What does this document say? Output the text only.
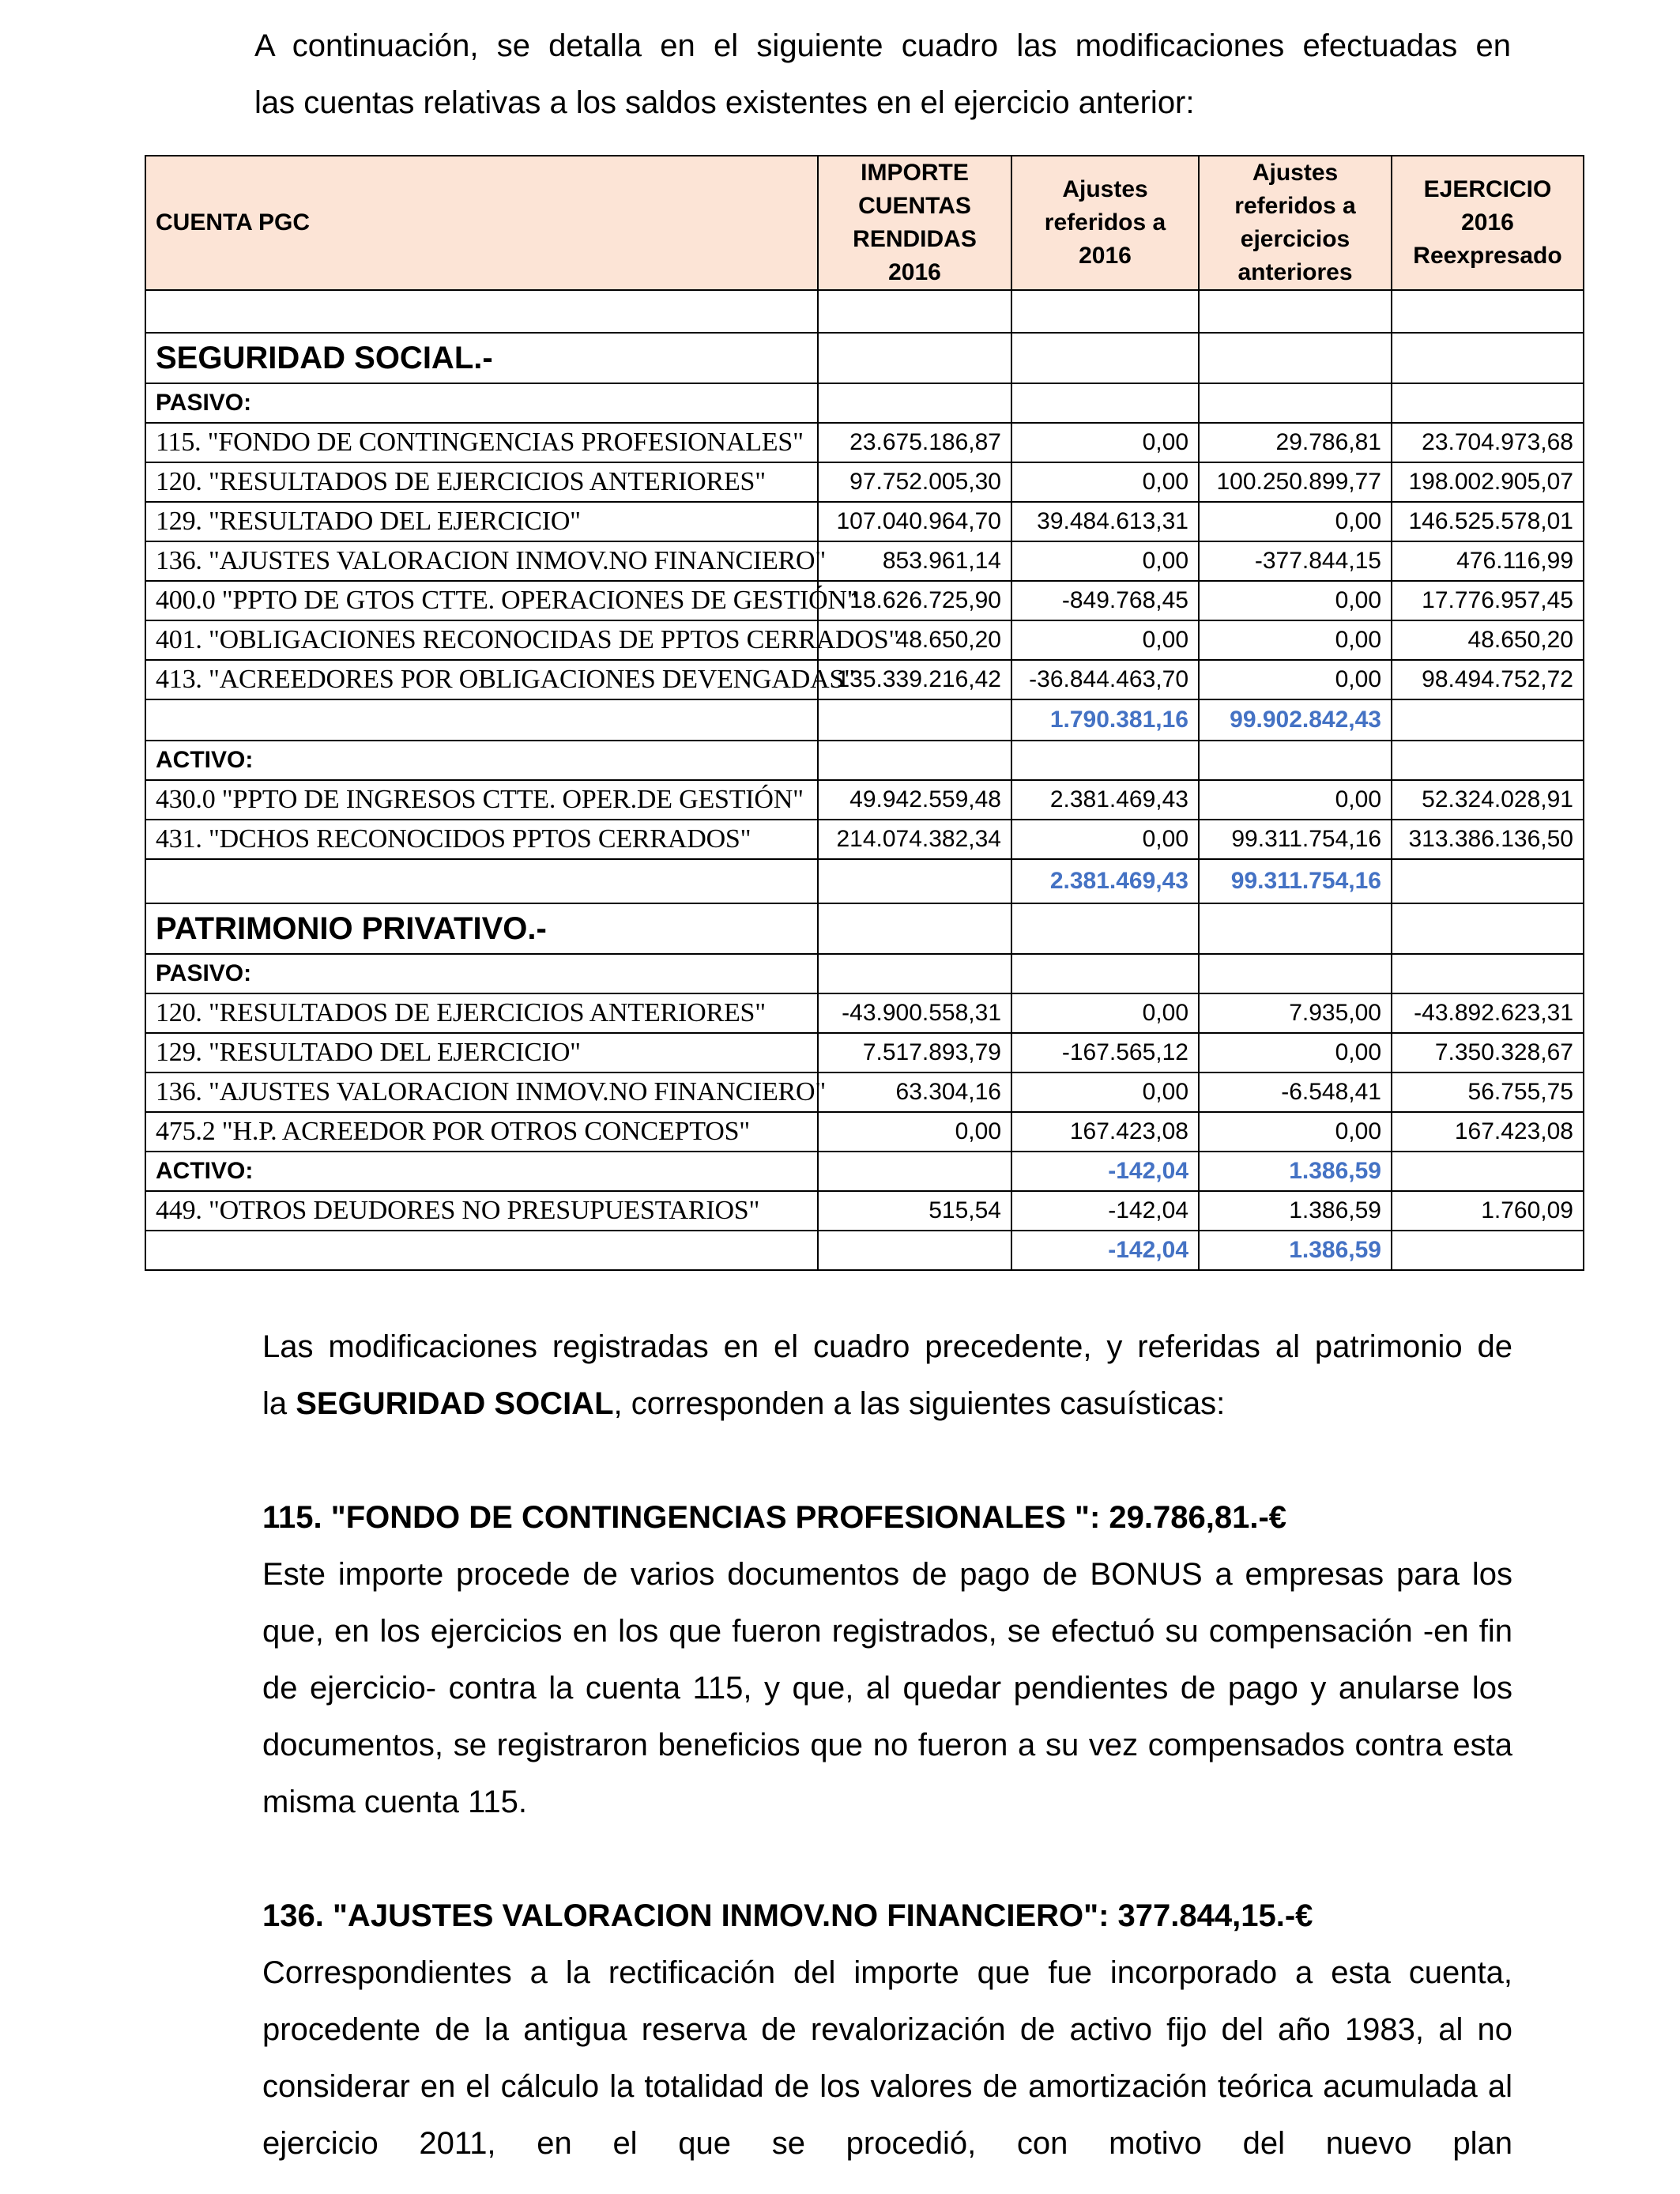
A continuación, se detalla en el siguiente cuadro las modificaciones efectuadas en

las cuentas relativas a los saldos existentes en el ejercicio anterior:

CUENTA PGC	IMPORTE CUENTAS RENDIDAS 2016	Ajustes referidos a 2016	Ajustes referidos a ejercicios anteriores	EJERCICIO 2016 Reexpresado

SEGURIDAD SOCIAL.-				
PASIVO:				
115. "FONDO DE CONTINGENCIAS PROFESIONALES"	23.675.186,87	0,00	29.786,81	23.704.973,68
120. "RESULTADOS DE EJERCICIOS ANTERIORES"	97.752.005,30	0,00	100.250.899,77	198.002.905,07
129. "RESULTADO DEL EJERCICIO"	107.040.964,70	39.484.613,31	0,00	146.525.578,01
136. "AJUSTES VALORACION INMOV.NO FINANCIERO"	853.961,14	0,00	-377.844,15	476.116,99
400.0 "PPTO DE GTOS CTTE. OPERACIONES DE GESTIÓN"	18.626.725,90	-849.768,45	0,00	17.776.957,45
401. "OBLIGACIONES RECONOCIDAS DE PPTOS CERRADOS"	48.650,20	0,00	0,00	48.650,20
413. "ACREEDORES POR OBLIGACIONES DEVENGADAS"	135.339.216,42	-36.844.463,70	0,00	98.494.752,72
		1.790.381,16	99.902.842,43	
ACTIVO:				
430.0 "PPTO DE INGRESOS CTTE. OPER.DE GESTIÓN"	49.942.559,48	2.381.469,43	0,00	52.324.028,91
431. "DCHOS RECONOCIDOS PPTOS CERRADOS"	214.074.382,34	0,00	99.311.754,16	313.386.136,50
		2.381.469,43	99.311.754,16	
PATRIMONIO PRIVATIVO.-				
PASIVO:				
120. "RESULTADOS DE EJERCICIOS ANTERIORES"	-43.900.558,31	0,00	7.935,00	-43.892.623,31
129. "RESULTADO DEL EJERCICIO"	7.517.893,79	-167.565,12	0,00	7.350.328,67
136. "AJUSTES VALORACION INMOV.NO FINANCIERO"	63.304,16	0,00	-6.548,41	56.755,75
475.2 "H.P. ACREEDOR POR OTROS CONCEPTOS"	0,00	167.423,08	0,00	167.423,08
ACTIVO:		-142,04	1.386,59	
449. "OTROS DEUDORES NO PRESUPUESTARIOS"	515,54	-142,04	1.386,59	1.760,09
		-142,04	1.386,59	

Las modificaciones registradas en el cuadro precedente, y referidas al patrimonio de

la SEGURIDAD SOCIAL, corresponden a las siguientes casuísticas:

115. "FONDO DE CONTINGENCIAS PROFESIONALES ": 29.786,81.-€

Este importe procede de varios documentos de pago de BONUS a empresas para los que, en los ejercicios en los que fueron registrados, se efectuó su compensación -en fin de ejercicio- contra la cuenta 115, y que, al quedar pendientes de pago y anularse los documentos, se registraron beneficios que no fueron a su vez compensados contra esta misma cuenta 115.

136. "AJUSTES VALORACION INMOV.NO FINANCIERO": 377.844,15.-€

Correspondientes a la rectificación del importe que fue incorporado a esta cuenta, procedente de la antigua reserva de revalorización de activo fijo del año 1983, al no considerar en el cálculo la totalidad de los valores de amortización teórica acumulada al ejercicio 2011, en el que se procedió, con motivo del nuevo plan
